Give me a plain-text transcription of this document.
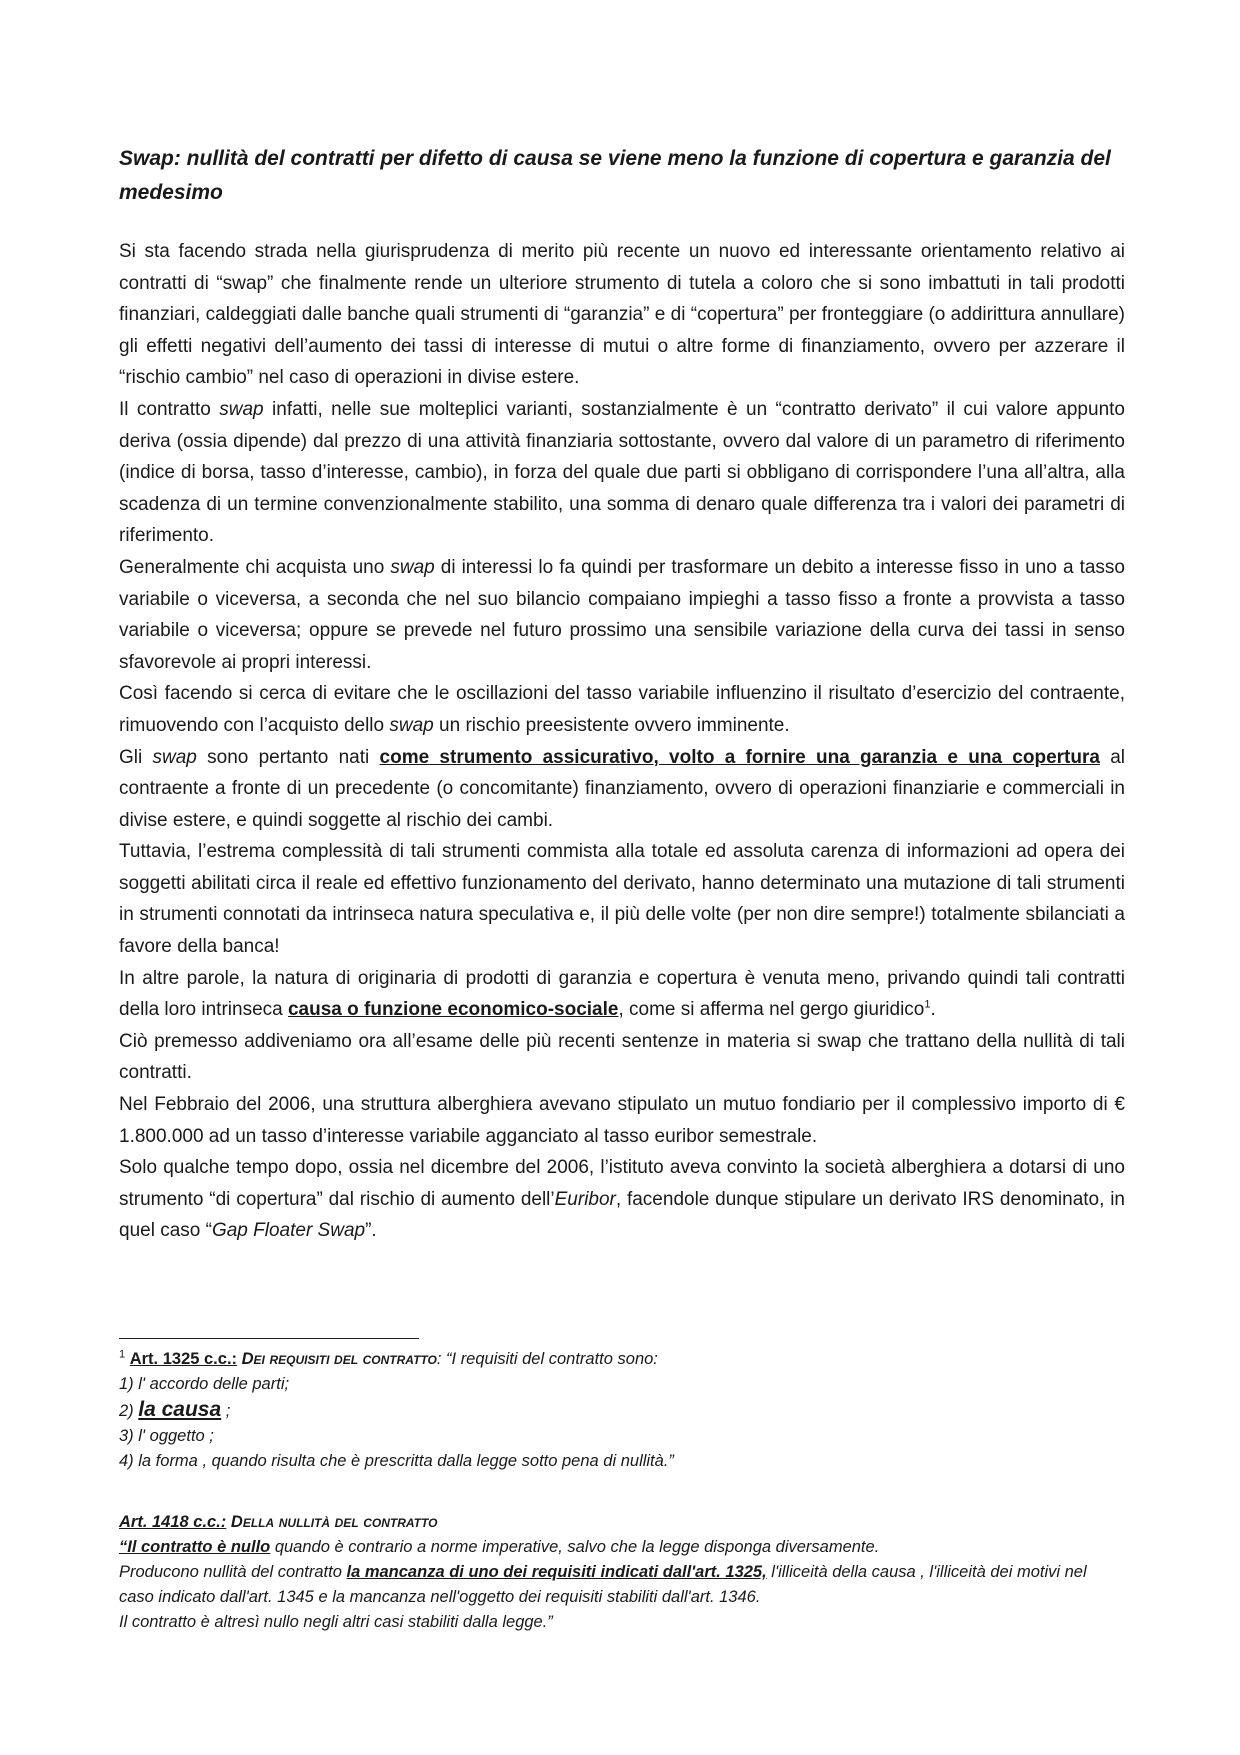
Swap: nullità del contratti per difetto di causa se viene meno la funzione di copertura e garanzia del medesimo

Si sta facendo strada nella giurisprudenza di merito più recente un nuovo ed interessante orientamento relativo ai contratti di “swap” che finalmente rende un ulteriore strumento di tutela a coloro che si sono imbattuti in tali prodotti finanziari, caldeggiati dalle banche quali strumenti di “garanzia” e di “copertura” per fronteggiare (o addirittura annullare) gli effetti negativi dell’aumento dei tassi di interesse di mutui o altre forme di finanziamento, ovvero per azzerare il “rischio cambio” nel caso di operazioni in divise estere.

Il contratto swap infatti, nelle sue molteplici varianti, sostanzialmente è un “contratto derivato” il cui valore appunto deriva (ossia dipende) dal prezzo di una attività finanziaria sottostante, ovvero dal valore di un parametro di riferimento (indice di borsa, tasso d’interesse, cambio), in forza del quale due parti si obbligano di corrispondere l’una all’altra, alla scadenza di un termine convenzionalmente stabilito, una somma di denaro quale differenza tra i valori dei parametri di riferimento.

Generalmente chi acquista uno swap di interessi lo fa quindi per trasformare un debito a interesse fisso in uno a tasso variabile o viceversa, a seconda che nel suo bilancio compaiano impieghi a tasso fisso a fronte a provvista a tasso variabile o viceversa; oppure se prevede nel futuro prossimo una sensibile variazione della curva dei tassi in senso sfavorevole ai propri interessi.

Così facendo si cerca di evitare che le oscillazioni del tasso variabile influenzino il risultato d’esercizio del contraente, rimuovendo con l’acquisto dello swap un rischio preesistente ovvero imminente.

Gli swap sono pertanto nati come strumento assicurativo, volto a fornire una garanzia e una copertura al contraente a fronte di un precedente (o concomitante) finanziamento, ovvero di operazioni finanziarie e commerciali in divise estere, e quindi soggette al rischio dei cambi.

Tuttavia, l’estrema complessità di tali strumenti commista alla totale ed assoluta carenza di informazioni ad opera dei soggetti abilitati circa il reale ed effettivo funzionamento del derivato, hanno determinato una mutazione di tali strumenti in strumenti connotati da intrinseca natura speculativa e, il più delle volte (per non dire sempre!) totalmente sbilanciati a favore della banca!

In altre parole, la natura di originaria di prodotti di garanzia e copertura è venuta meno, privando quindi tali contratti della loro intrinseca causa o funzione economico-sociale, come si afferma nel gergo giuridico$^1$.

Ciò premesso addiveniamo ora all’esame delle più recenti sentenze in materia si swap che trattano della nullità di tali contratti.

Nel Febbraio del 2006, una struttura alberghiera avevano stipulato un mutuo fondiario per il complessivo importo di € 1.800.000 ad un tasso d’interesse variabile agganciato al tasso euribor semestrale.

Solo qualche tempo dopo, ossia nel dicembre del 2006, l’istituto aveva convinto la società alberghiera a dotarsi di uno strumento “di copertura” dal rischio di aumento dell’Euribor, facendole dunque stipulare un derivato IRS denominato, in quel caso “Gap Floater Swap”.

$^1$ Art. 1325 c.c.: Dei requisiti del contratto: “I requisiti del contratto sono:

1) l' accordo delle parti;

2) la causa ;

3) l' oggetto ;

4) la forma , quando risulta che è prescritta dalla legge sotto pena di nullità.”

Art. 1418 c.c.: Della nullità del contratto

“Il contratto è nullo quando è contrario a norme imperative, salvo che la legge disponga diversamente.

Producono nullità del contratto la mancanza di uno dei requisiti indicati dall'art. 1325, l'illiceità della causa , l'illiceità dei motivi nel caso indicato dall'art. 1345 e la mancanza nell'oggetto dei requisiti stabiliti dall'art. 1346.

Il contratto è altresì nullo negli altri casi stabiliti dalla legge.”
